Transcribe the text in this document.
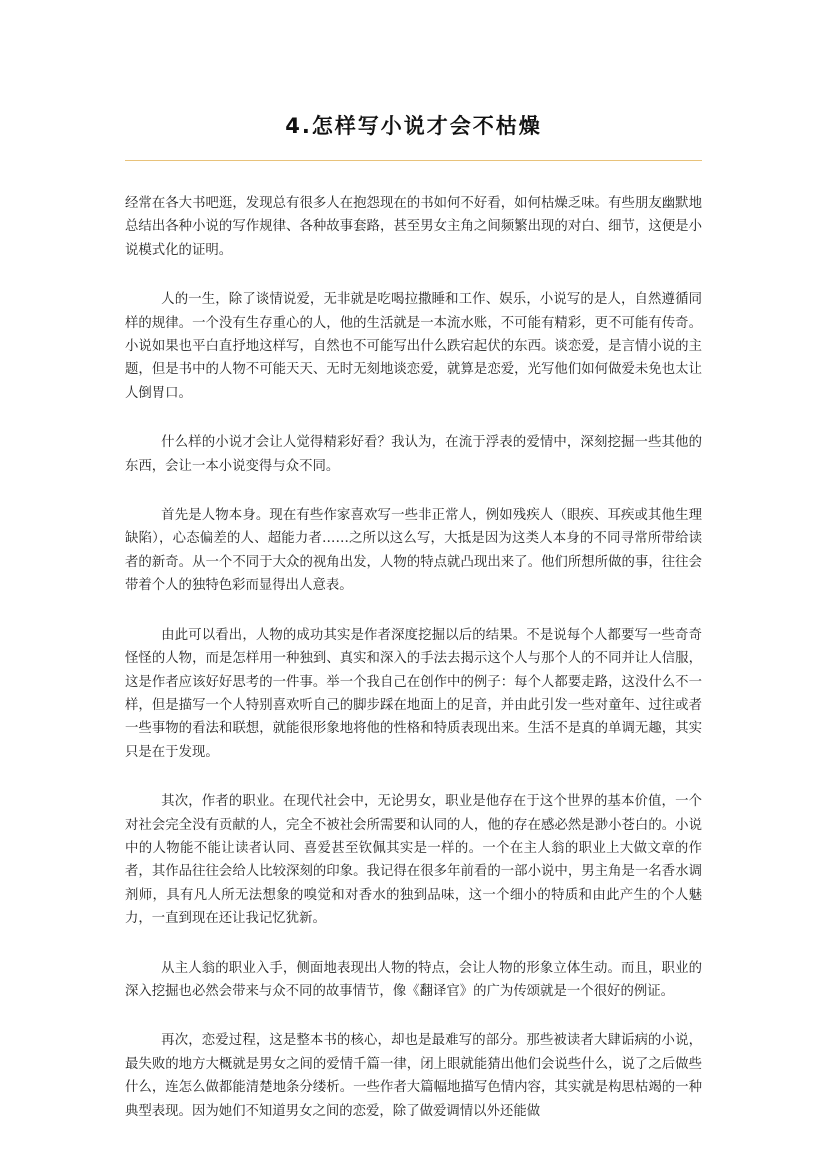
4.怎样写小说才会不枯燥

经常在各大书吧逛，发现总有很多人在抱怨现在的书如何不好看，如何枯燥乏味。有些朋友幽默地总结出各种小说的写作规律、各种故事套路，甚至男女主角之间频繁出现的对白、细节，这便是小说模式化的证明。

人的一生，除了谈情说爱，无非就是吃喝拉撒睡和工作、娱乐，小说写的是人，自然遵循同样的规律。一个没有生存重心的人，他的生活就是一本流水账，不可能有精彩，更不可能有传奇。小说如果也平白直抒地这样写，自然也不可能写出什么跌宕起伏的东西。谈恋爱，是言情小说的主题，但是书中的人物不可能天天、无时无刻地谈恋爱，就算是恋爱，光写他们如何做爱未免也太让人倒胃口。

什么样的小说才会让人觉得精彩好看？我认为，在流于浮表的爱情中，深刻挖掘一些其他的东西，会让一本小说变得与众不同。

首先是人物本身。现在有些作家喜欢写一些非正常人，例如残疾人（眼疾、耳疾或其他生理缺陷），心态偏差的人、超能力者……之所以这么写，大抵是因为这类人本身的不同寻常所带给读者的新奇。从一个不同于大众的视角出发，人物的特点就凸现出来了。他们所想所做的事，往往会带着个人的独特色彩而显得出人意表。

由此可以看出，人物的成功其实是作者深度挖掘以后的结果。不是说每个人都要写一些奇奇怪怪的人物，而是怎样用一种独到、真实和深入的手法去揭示这个人与那个人的不同并让人信服，这是作者应该好好思考的一件事。举一个我自己在创作中的例子：每个人都要走路，这没什么不一样，但是描写一个人特别喜欢听自己的脚步踩在地面上的足音，并由此引发一些对童年、过往或者一些事物的看法和联想，就能很形象地将他的性格和特质表现出来。生活不是真的单调无趣，其实只是在于发现。

其次，作者的职业。在现代社会中，无论男女，职业是他存在于这个世界的基本价值，一个对社会完全没有贡献的人，完全不被社会所需要和认同的人，他的存在感必然是渺小苍白的。小说中的人物能不能让读者认同、喜爱甚至钦佩其实是一样的。一个在主人翁的职业上大做文章的作者，其作品往往会给人比较深刻的印象。我记得在很多年前看的一部小说中，男主角是一名香水调剂师，具有凡人所无法想象的嗅觉和对香水的独到品味，这一个细小的特质和由此产生的个人魅力，一直到现在还让我记忆犹新。

从主人翁的职业入手，侧面地表现出人物的特点，会让人物的形象立体生动。而且，职业的深入挖掘也必然会带来与众不同的故事情节，像《翻译官》的广为传颂就是一个很好的例证。

再次，恋爱过程，这是整本书的核心，却也是最难写的部分。那些被读者大肆诟病的小说，最失败的地方大概就是男女之间的爱情千篇一律，闭上眼就能猜出他们会说些什么，说了之后做些什么，连怎么做都能清楚地条分缕析。一些作者大篇幅地描写色情内容，其实就是构思枯竭的一种典型表现。因为她们不知道男女之间的恋爱，除了做爱调情以外还能做
